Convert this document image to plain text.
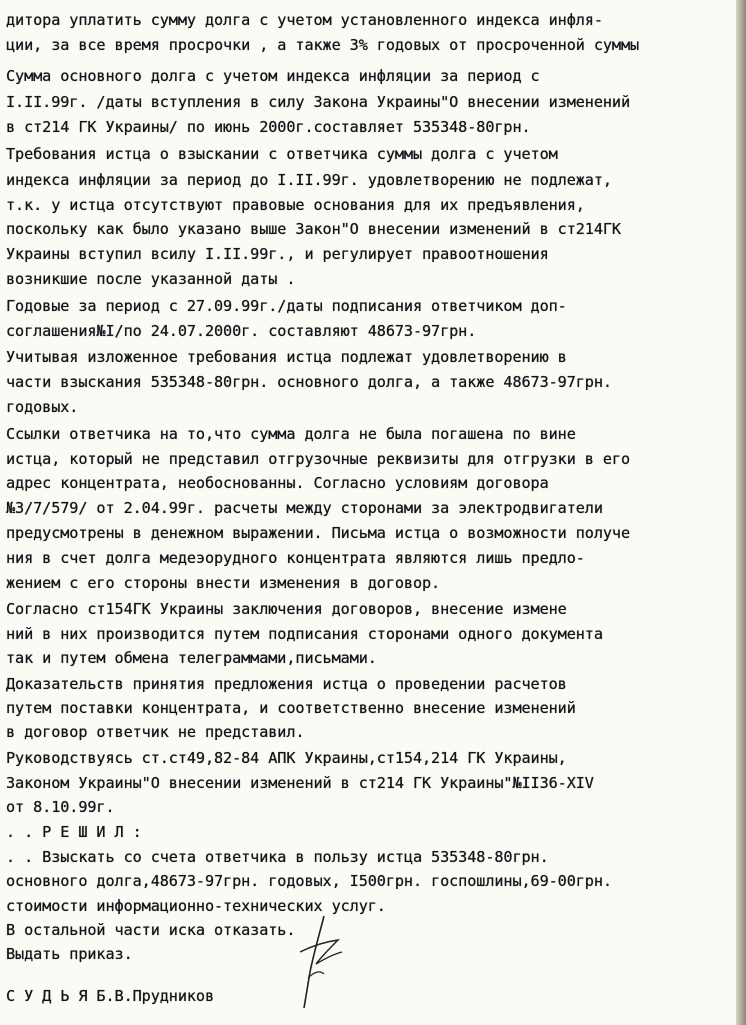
дитора уплатить сумму долга с учетом установленного индекса инфля-

ции, за все время просрочки , а также 3% годовых от просроченной суммы

Сумма основного долга с учетом индекса инфляции за период с

I.II.99г. /даты вступления в силу Закона Украины"О внесении изменений

в ст214 ГК Украины/ по июнь 2000г.составляет 535348-80грн.

Требования истца о взыскании с ответчика суммы долга с учетом

индекса инфляции за период до I.II.99г. удовлетворению не подлежат,

т.к. у истца отсутствуют правовые основания для их предъявления,

поскольку как было указано выше Закон"О внесении изменений в ст214ГК

Украины вступил всилу I.II.99г., и регулирует правоотношения

возникшие после указанной даты .

Годовые за период с 27.09.99г./даты подписания ответчиком доп-

соглашения№I/по 24.07.2000г. составляют 48673-97грн.

Учитывая изложенное требования истца подлежат удовлетворению в

части взыскания 535348-80грн. основного долга, а также 48673-97грн.

годовых.

Ссылки ответчика на то,что сумма долга не была погашена по вине

истца, который не представил отгрузочные реквизиты для отгрузки в его

адрес концентрата, необоснованны. Согласно условиям договора

№3/7/579/ от 2.04.99г. расчеты между сторонами за электродвигатели

предусмотрены в денежном выражении. Письма истца о возможности получе

ния в счет долга медеэорудного концентрата являются лишь предло-

жением с его стороны внести изменения в договор.

Согласно ст154ГК Украины заключения договоров, внесение измене

ний в них производится путем подписания сторонами одного документа

так и путем обмена телеграммами,письмами.

Доказательств принятия предложения истца о проведении расчетов

путем поставки концентрата, и соответственно внесение изменений

в договор ответчик не представил.

Руководствуясь ст.ст49,82-84 АПК Украины,ст154,214 ГК Украины,

Законом Украины"О внесении изменений в ст214 ГК Украины"№II36-XIV

от 8.10.99г.

. . Р Е Ш И Л :

. . Взыскать со счета ответчика в пользу истца 535348-80грн.

основного долга,48673-97грн. годовых, I500грн. госпошлины,69-00грн.

стоимости информационно-технических услуг.

В остальной части иска отказать.

Выдать приказ.

С У Д Ь Я Б.В.Прудников
